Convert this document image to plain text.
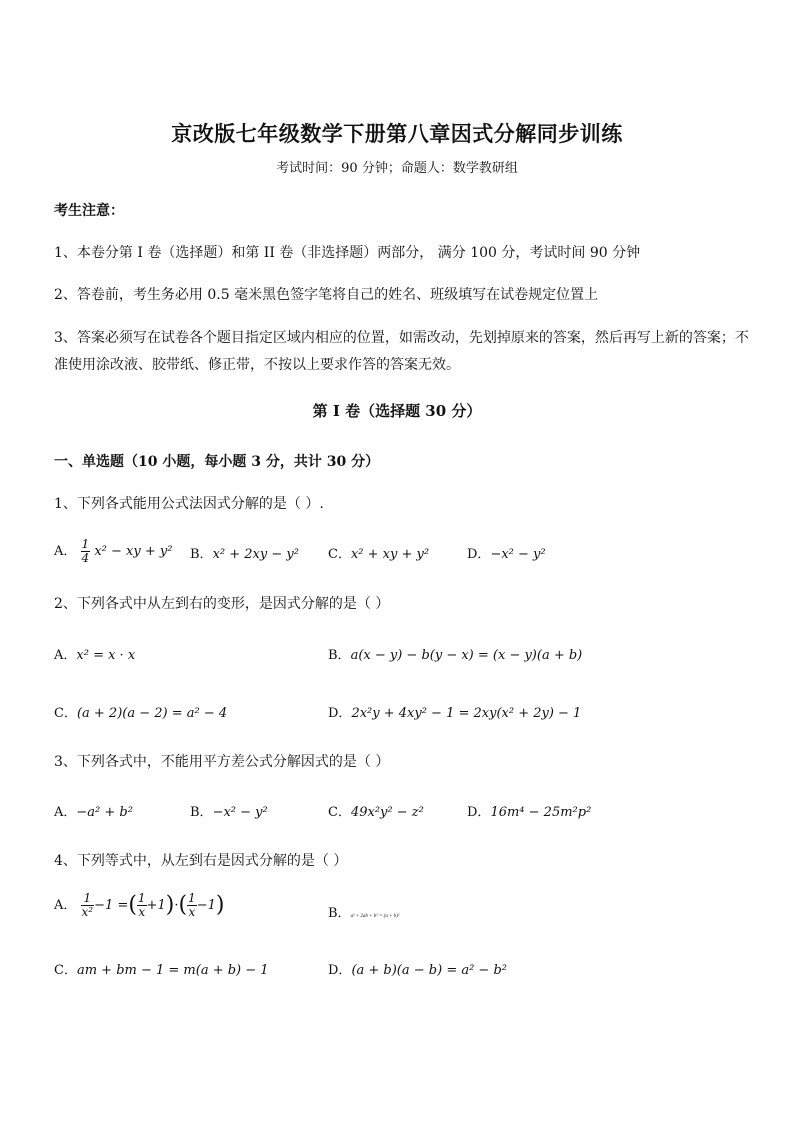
京改版七年级数学下册第八章因式分解同步训练
考试时间：90 分钟；命题人：数学教研组
考生注意：
1、本卷分第 I 卷（选择题）和第 II 卷（非选择题）两部分， 满分 100 分，考试时间 90 分钟
2、答卷前，考生务必用 0.5 毫米黑色签字笔将自己的姓名、班级填写在试卷规定位置上
3、答案必须写在试卷各个题目指定区域内相应的位置，如需改动，先划掉原来的答案，然后再写上新的答案；不准使用涂改液、胶带纸、修正带，不按以上要求作答的答案无效。
第 I 卷（选择题 30 分）
一、单选题（10 小题，每小题 3 分，共计 30 分）
1、下列各式能用公式法因式分解的是（ ）.
A． $\frac{1}{4} x^2$ − xy + y² B．x² + 2xy − y² C．x² + xy + y²	D．−x² − y²
2、下列各式中从左到右的变形，是因式分解的是（ ）
A．x² = x · x	B．a(x − y) − b(y − x) = (x − y)(a + b)
C．(a + 2)(a − 2) = a² − 4	D．2x²y + 4xy² − 1 = 2xy(x² + 2y) − 1
3、下列各式中，不能用平方差公式分解因式的是（ ）
A．−a² + b²	B．−x² − y²	C．49x²y² − z²	D．16m⁴ − 25m²p²
4、下列等式中，从左到右是因式分解的是（ ）
A． $\frac{1}{\text{x²}} -1$ =( $\frac{1}{x} +1)\cdot( \frac{1}{x} -1)$	B．a² + 2ab + b² = (a + b)²
C．am + bm − 1 = m(a + b) − 1	D．(a + b)(a − b) = a² − b²
